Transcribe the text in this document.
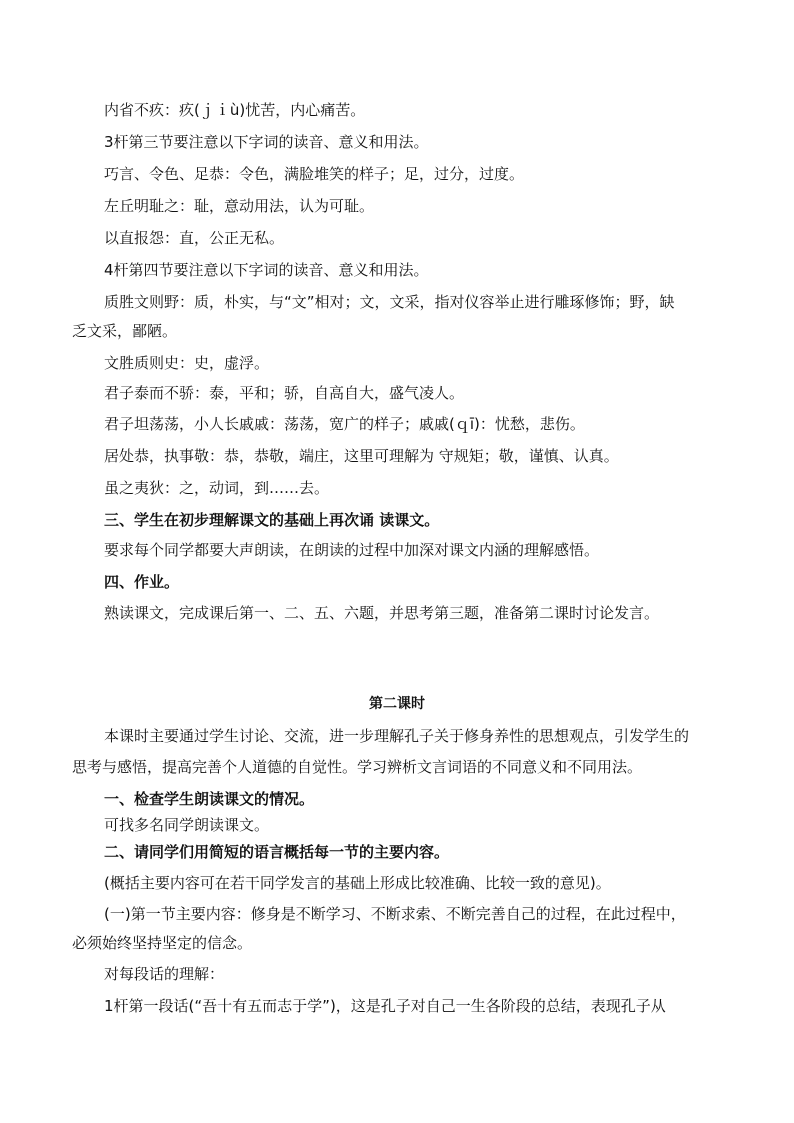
内省不疚：疚(ｊｉù)忧苦，内心痛苦。
3杆第三节要注意以下字词的读音、意义和用法。
巧言、令色、足恭：令色，满脸堆笑的样子；足，过分，过度。
左丘明耻之：耻，意动用法，认为可耻。
以直报怨：直，公正无私。
4杆第四节要注意以下字词的读音、意义和用法。
质胜文则野：质，朴实，与“文”相对；文，文采，指对仪容举止进行雕琢修饰；野，缺
乏文采，鄙陋。
文胜质则史：史，虚浮。
君子泰而不骄：泰，平和；骄，自高自大，盛气凌人。
君子坦荡荡，小人长戚戚：荡荡，宽广的样子；戚戚(ｑī)：忧愁，悲伤。
居处恭，执事敬：恭，恭敬，端庄，这里可理解为 守规矩；敬，谨慎、认真。
虽之夷狄：之，动词，到……去。
三、学生在初步理解课文的基础上再次诵 读课文。
要求每个同学都要大声朗读，在朗读的过程中加深对课文内涵的理解感悟。
四、作业。
熟读课文，完成课后第一、二、五、六题，并思考第三题，准备第二课时讨论发言。
第二课时
本课时主要通过学生讨论、交流，进一步理解孔子关于修身养性的思想观点，引发学生的
思考与感悟，提高完善个人道德的自觉性。学习辨析文言词语的不同意义和不同用法。
一、检查学生朗读课文的情况。
可找多名同学朗读课文。
二、请同学们用简短的语言概括每一节的主要内容。
(概括主要内容可在若干同学发言的基础上形成比较准确、比较一致的意见)。
(一)第一节主要内容：修身是不断学习、不断求索、不断完善自己的过程，在此过程中，
必须始终坚持坚定的信念。
对每段话的理解：
1杆第一段话(“吾十有五而志于学”)，这是孔子对自己一生各阶段的总结，表现孔子从
